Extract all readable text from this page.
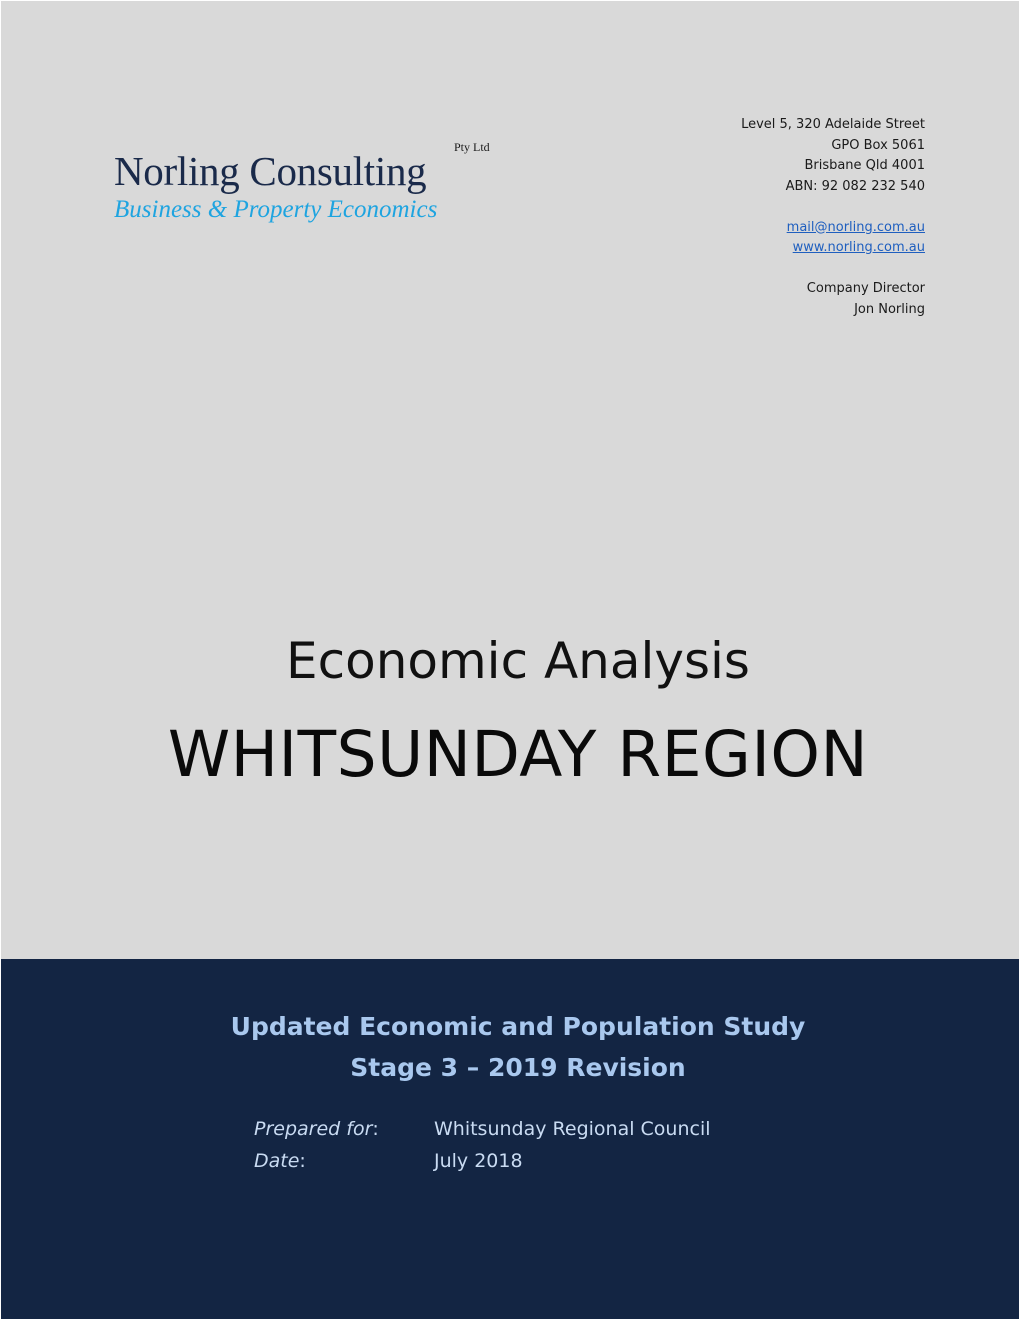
Pty Ltd
Norling Consulting
Business & Property Economics
Level 5, 320 Adelaide Street
GPO Box 5061
Brisbane Qld 4001
ABN: 92 082 232 540
mail@norling.com.au
www.norling.com.au
Company Director
Jon Norling
Economic Analysis
WHITSUNDAY REGION
Updated Economic and Population Study
Stage 3 – 2019 Revision
Prepared for:	Whitsunday Regional Council
Date:	July 2018
